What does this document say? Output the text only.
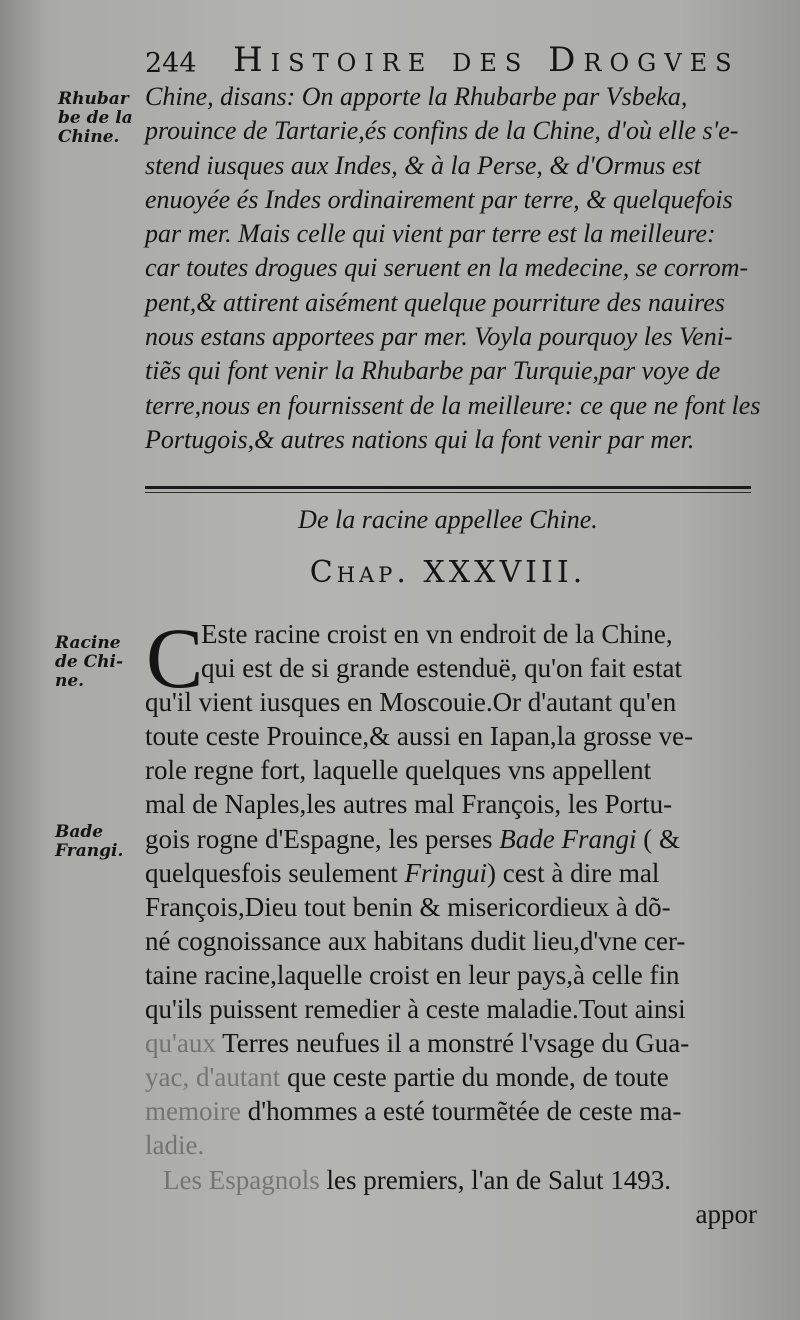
244 Histoire des Drogves
Rhubar
be de la
Chine.
Chine, disans: On apporte la Rhubarbe par Vsbeka,
prouince de Tartarie,és confins de la Chine, d'où elle s'e-
stend iusques aux Indes, & à la Perse, & d'Ormus est
enuoyée és Indes ordinairement par terre, & quelquefois
par mer. Mais celle qui vient par terre est la meilleure:
car toutes drogues qui seruent en la medecine, se corrom-
pent,& attirent aisément quelque pourriture des nauires
nous estans apportees par mer. Voyla pourquoy les Veni-
tiẽs qui font venir la Rhubarbe par Turquie,par voye de
terre,nous en fournissent de la meilleure: ce que ne font les
Portugois,& autres nations qui la font venir par mer.
De la racine appellee Chine.
Chap. XXXVIII.
Racine
de Chi-
ne.
Bade
Frangi.
C
Este racine croist en vn endroit de la Chine,
qui est de si grande estenduë, qu'on fait estat
qu'il vient iusques en Moscouie.Or d'autant qu'en
toute ceste Prouince,& aussi en Iapan,la grosse ve-
role regne fort, laquelle quelques vns appellent
mal de Naples,les autres mal François, les Portu-
gois rogne d'Espagne, les perses Bade Frangi ( &
quelquesfois seulement Fringui) cest à dire mal
François,Dieu tout benin & misericordieux à dõ-
né cognoissance aux habitans dudit lieu,d'vne cer-
taine racine,laquelle croist en leur pays,à celle fin
qu'ils puissent remedier à ceste maladie.Tout ainsi
qu'aux Terres neufues il a monstré l'vsage du Gua-
yac, d'autant que ceste partie du monde, de toute
memoire d'hommes a esté tourmẽtée de ceste ma-
ladie.
Les Espagnols les premiers, l'an de Salut 1493.
appor
